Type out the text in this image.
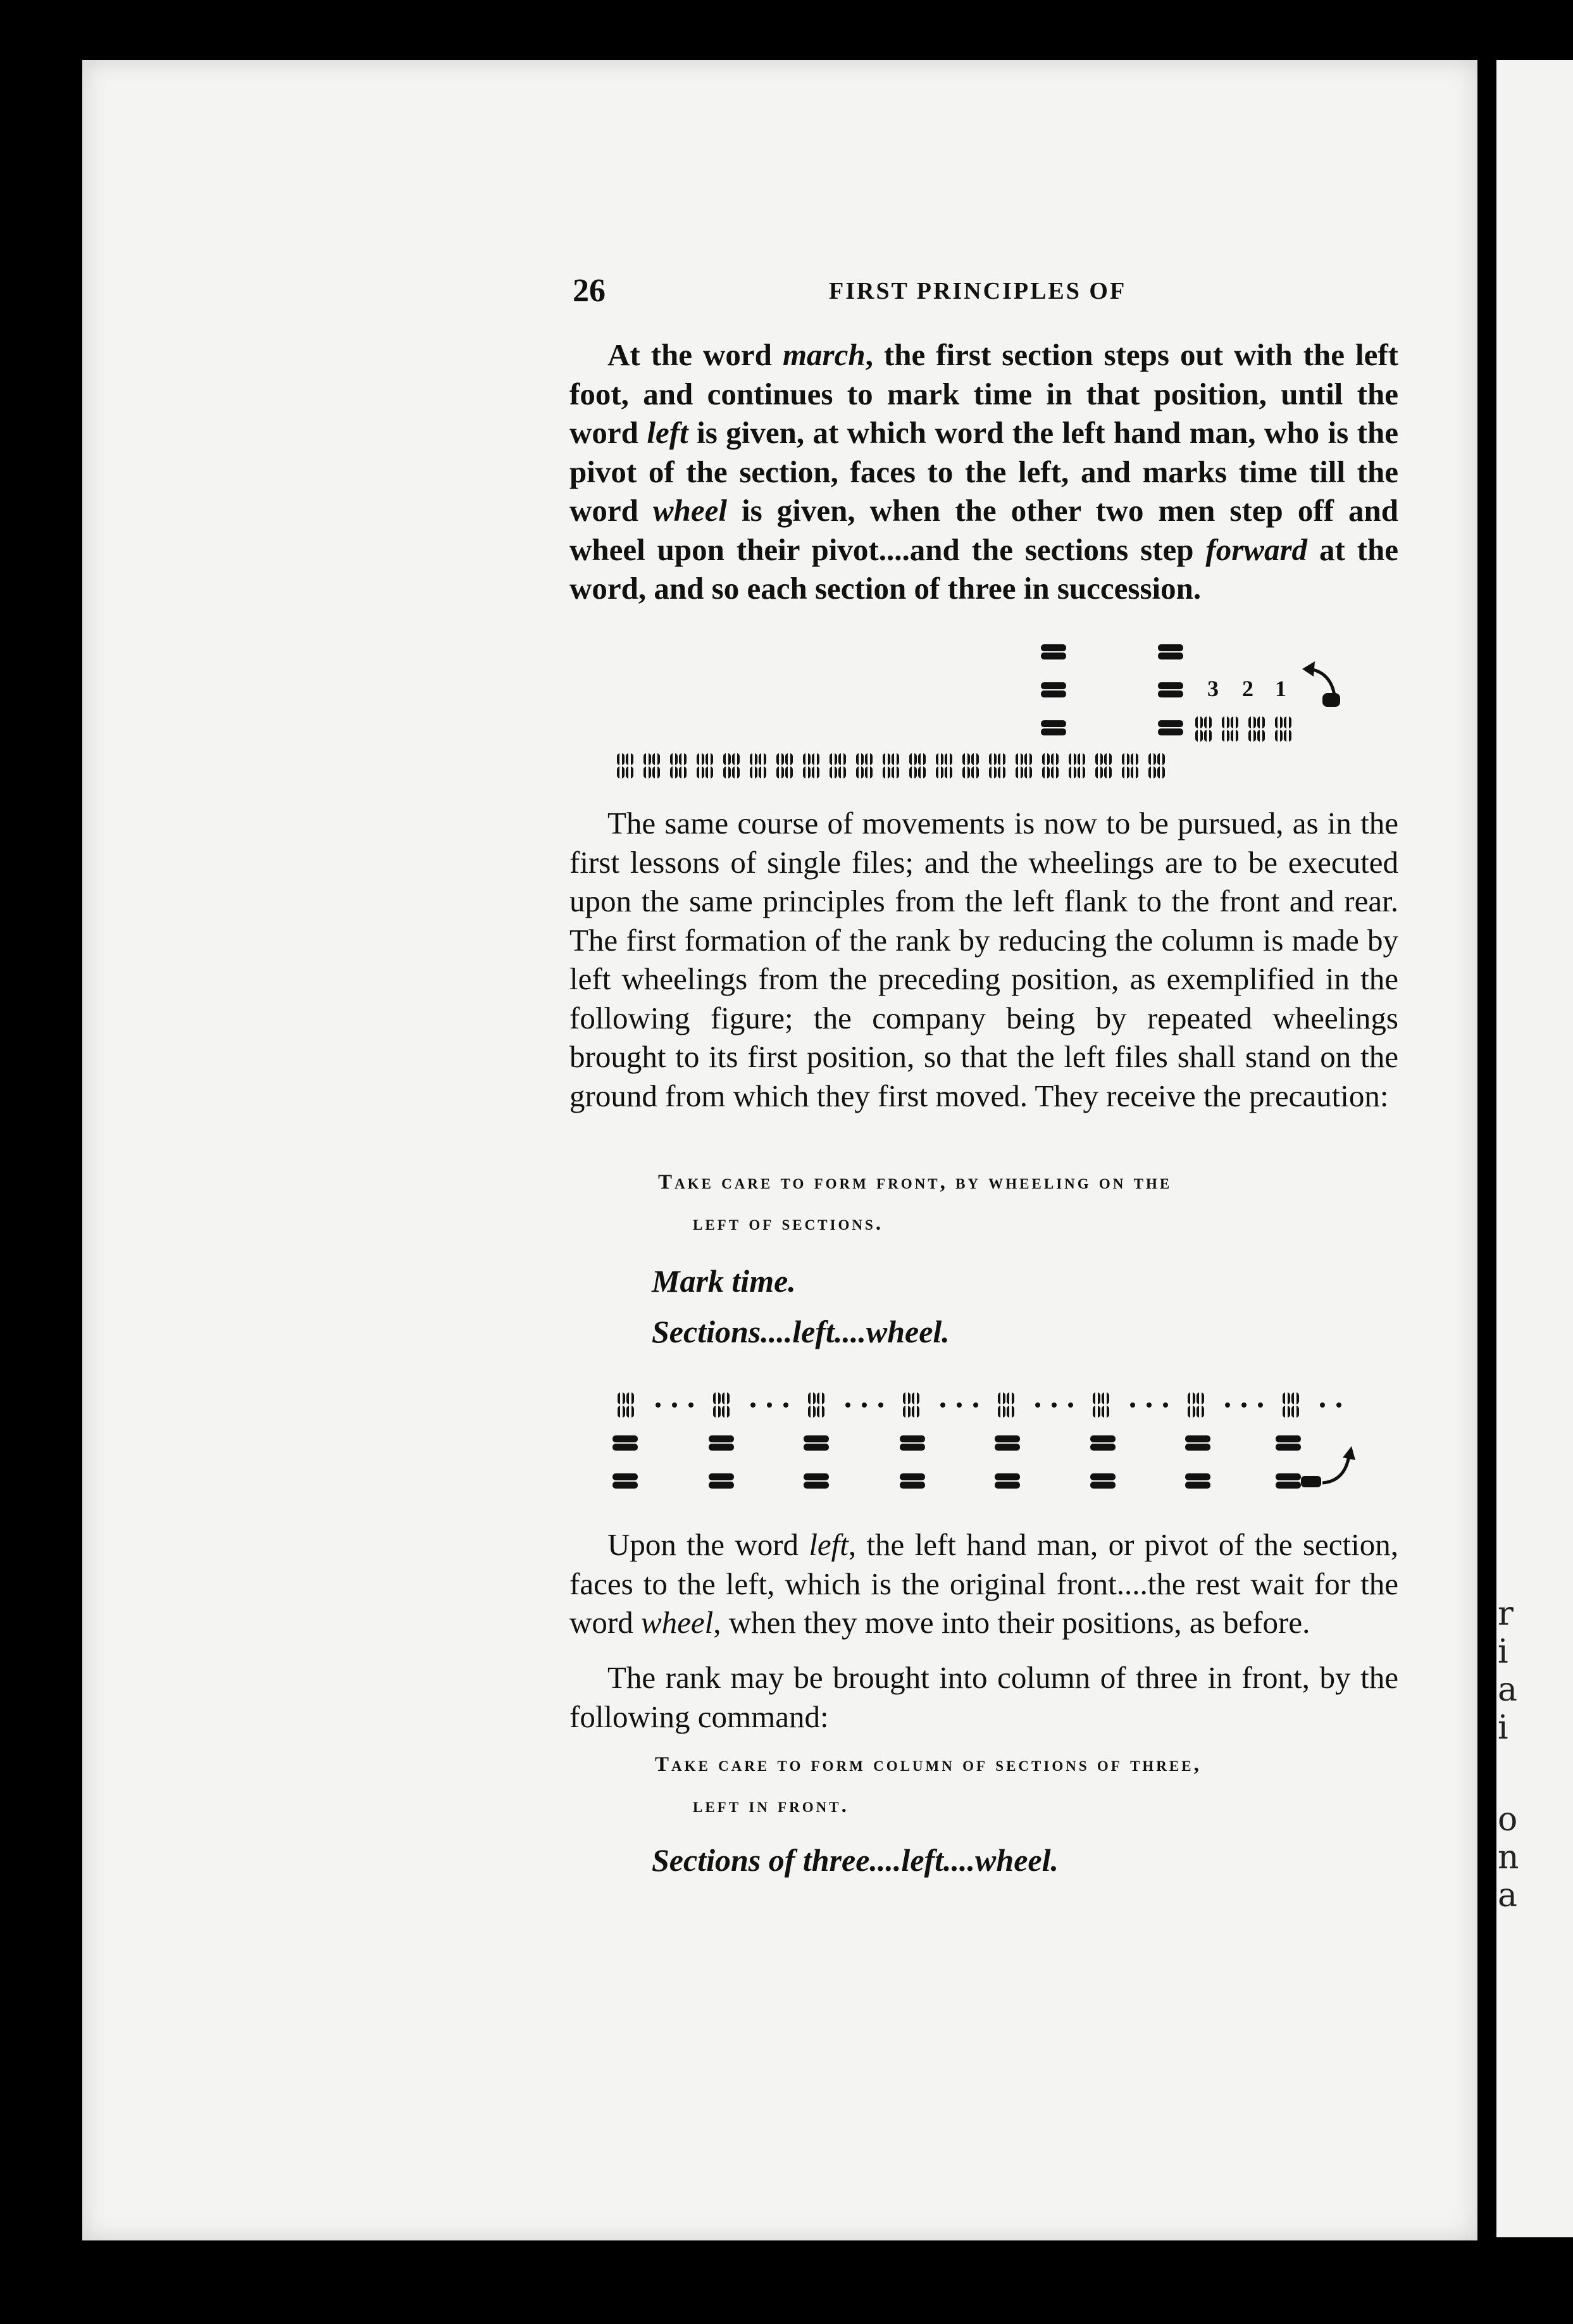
r
i
a
i
o
n
a
26	FIRST PRINCIPLES OF

At the word march, the first section steps out with the left foot, and continues to mark time in that position, until the word left is given, at which word the left hand man, who is the pivot of the section, faces to the left, and marks time till the word wheel is given, when the other two men step off and wheel upon their pivot....and the sections step forward at the word, and so each section of three in succession.

3 2 1

The same course of movements is now to be pursued, as in the first lessons of single files; and the wheelings are to be executed upon the same principles from the left flank to the front and rear. The first formation of the rank by reducing the column is made by left wheelings from the preceding position, as exemplified in the following figure; the company being by repeated wheelings brought to its first position, so that the left files shall stand on the ground from which they first moved. They receive the precaution:

Take care to form front, by wheeling on the
left of sections.
Mark time.
Sections....left....wheel.

Upon the word left, the left hand man, or pivot of the section, faces to the left, which is the original front....the rest wait for the word wheel, when they move into their positions, as before.

The rank may be brought into column of three in front, by the following command:

Take care to form column of sections of three,
left in front.
Sections of three....left....wheel.
